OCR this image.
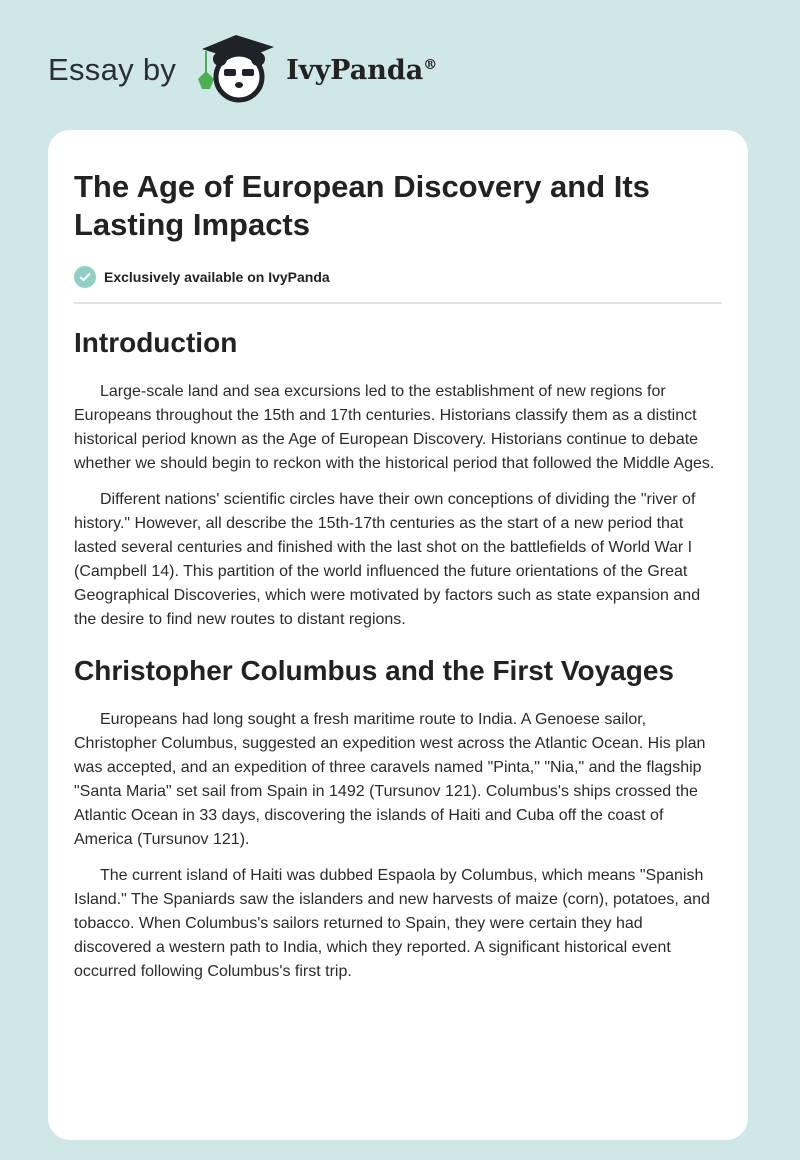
Essay by	IvyPanda®
The Age of European Discovery and Its Lasting Impacts
Exclusively available on IvyPanda
Introduction

Large-scale land and sea excursions led to the establishment of new regions for Europeans throughout the 15th and 17th centuries. Historians classify them as a distinct historical period known as the Age of European Discovery. Historians continue to debate whether we should begin to reckon with the historical period that followed the Middle Ages.

Different nations' scientific circles have their own conceptions of dividing the "river of history." However, all describe the 15th-17th centuries as the start of a new period that lasted several centuries and finished with the last shot on the battlefields of World War I (Campbell 14). This partition of the world influenced the future orientations of the Great Geographical Discoveries, which were motivated by factors such as state expansion and the desire to find new routes to distant regions.

Christopher Columbus and the First Voyages

Europeans had long sought a fresh maritime route to India. A Genoese sailor, Christopher Columbus, suggested an expedition west across the Atlantic Ocean. His plan was accepted, and an expedition of three caravels named "Pinta," "Nia," and the flagship "Santa Maria" set sail from Spain in 1492 (Tursunov 121). Columbus's ships crossed the Atlantic Ocean in 33 days, discovering the islands of Haiti and Cuba off the coast of America (Tursunov 121).

The current island of Haiti was dubbed Espaola by Columbus, which means "Spanish Island." The Spaniards saw the islanders and new harvests of maize (corn), potatoes, and tobacco. When Columbus's sailors returned to Spain, they were certain they had discovered a western path to India, which they reported. A significant historical event occurred following Columbus's first trip.
